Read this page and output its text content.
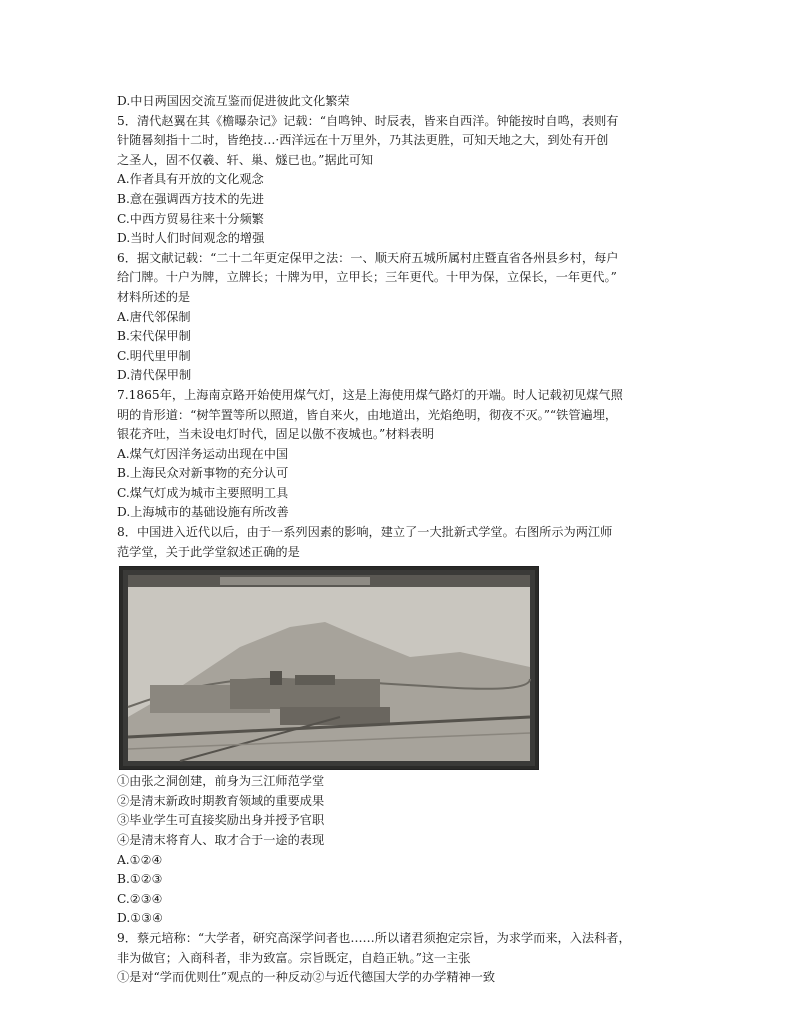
D.中日两国因交流互鉴而促进彼此文化繁荣
5．清代赵翼在其《檐曝杂记》记载：“自鸣钟、时辰表，皆来自西洋。钟能按时自鸣，表则有
针随晷刻指十二时，皆绝技…·西洋远在十万里外，乃其法更胜，可知天地之大，到处有开创
之圣人，固不仅羲、轩、巢、燧已也。”据此可知
A.作者具有开放的文化观念
B.意在强调西方技术的先进
C.中西方贸易往来十分频繁
D.当时人们时间观念的增强
6．据文献记载：“二十二年更定保甲之法：一、顺天府五城所属村庄暨直省各州县乡村，每户
给门牌。十户为牌，立牌长；十牌为甲，立甲长；三年更代。十甲为保，立保长，一年更代。”
材料所述的是
A.唐代邻保制
B.宋代保甲制
C.明代里甲制
D.清代保甲制
7.1865年，上海南京路开始使用煤气灯，这是上海使用煤气路灯的开端。时人记载初见煤气照
明的肯形道：“树竿置等所以照道，皆自来火，由地道出，光焰绝明，彻夜不灭。”“铁管遍埋，
银花齐吐，当未设电灯时代，固足以傲不夜城也。”材料表明
A.煤气灯因洋务运动出现在中国
B.上海民众对新事物的充分认可
C.煤气灯成为城市主要照明工具
D.上海城市的基础设施有所改善
8．中国进入近代以后，由于一系列因素的影响，建立了一大批新式学堂。右图所示为两江师
范学堂，关于此学堂叙述正确的是
①由张之洞创建，前身为三江师范学堂
②是清末新政时期教育领域的重要成果
③毕业学生可直接奖励出身并授予官职
④是清末将育人、取才合于一途的表现
A.①②④
B.①②③
C.②③④
D.①③④
9．蔡元培称：“大学者，研究高深学问者也……所以诸君须抱定宗旨，为求学而来，入法科者，
非为做官；入商科者，非为致富。宗旨既定，自趋正轨。”这一主张
①是对“学而优则仕”观点的一种反动②与近代德国大学的办学精神一致
